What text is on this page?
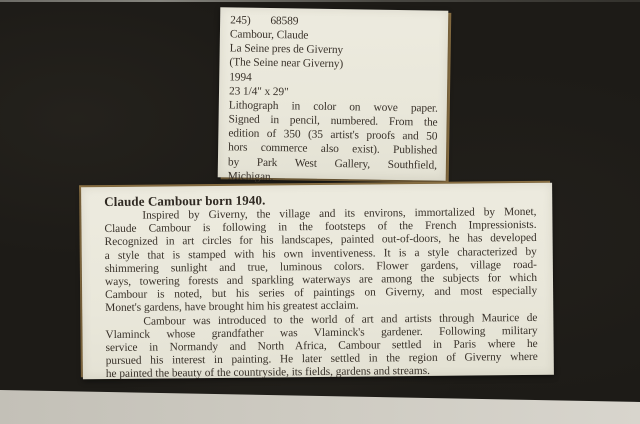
245) 68589
Cambour, Claude
La Seine pres de Giverny
(The Seine near Giverny)
1994
23 1/4" x 29"
Lithograph in color on wove paper.
Signed in pencil, numbered. From the
edition of 350 (35 artist's proofs and 50
hors commerce also exist). Published
by Park West Gallery, Southfield,
Michigan.
Claude Cambour born 1940.
Inspired by Giverny, the village and its environs, immortalized by Monet,
Claude Cambour is following in the footsteps of the French Impressionists.
Recognized in art circles for his landscapes, painted out-of-doors, he has developed
a style that is stamped with his own inventiveness. It is a style characterized by
shimmering sunlight and true, luminous colors. Flower gardens, village road-
ways, towering forests and sparkling waterways are among the subjects for which
Cambour is noted, but his series of paintings on Giverny, and most especially
Monet's gardens, have brought him his greatest acclaim.
Cambour was introduced to the world of art and artists through Maurice de
Vlaminck whose grandfather was Vlaminck's gardener. Following military
service in Normandy and North Africa, Cambour settled in Paris where he
pursued his interest in painting. He later settled in the region of Giverny where
he painted the beauty of the countryside, its fields, gardens and streams.
